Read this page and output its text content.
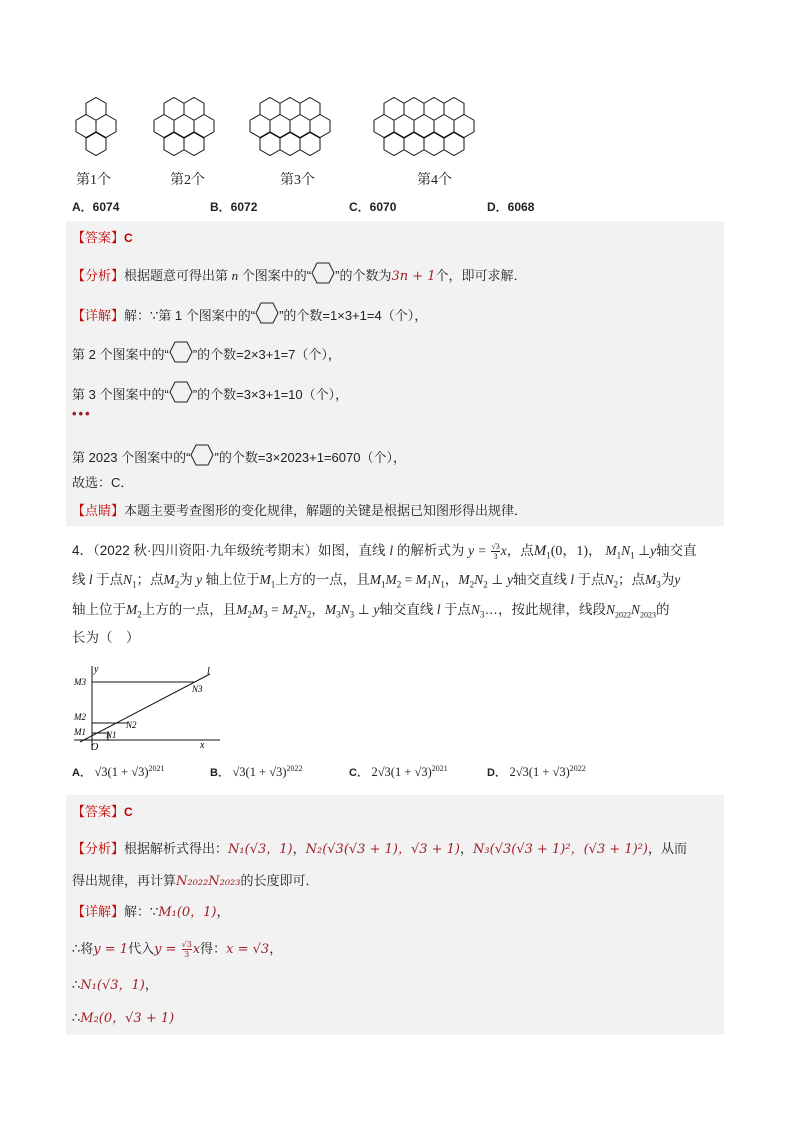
第1个	第2个	第3个	第4个
A．6074	B．6072	C．6070	D．6068
【答案】C
【分析】根据题意可得出第 n 个图案中的“ ”的个数为3n + 1个，即可求解．
【详解】解：∵第 1 个图案中的“ ”的个数=1×3+1=4（个），
第 2 个图案中的“ ”的个数=2×3+1=7（个），
第 3 个图案中的“ ”的个数=3×3+1=10（个），
•••
第 2023 个图案中的“ ”的个数=3×2023+1=6070（个），
故选：C．
【点睛】本题主要考查图形的变化规律，解题的关键是根据已知图形得出规律．
4．（2022 秋·四川资阳·九年级统考期末）如图，直线 l 的解析式为 $y = \frac{√3}{3}$ x，点$M_1(0$，1)， $M_1N_1$ ⊥y轴交直
线 l 于点$N_1$；点$M_2$为 y 轴上位于$M_1$上方的一点，且$M_1M_2 = M_1N_1$，$M_2N_2$ ⊥ y轴交直线 l 于点$N_2$；点$M_3$为y
轴上位于$M_2$上方的一点，且$M_2M_3 = M_2N_2$，$M_3N_3$ ⊥ y轴交直线 l 于点$N_3\dots$，按此规律，线段$N_{2022}N_{2023}$的
长为（　）
y
x
O
l
M3
M2
M1 N1
N2
N3
A． $√3(1 + √3)^{2021}$	B． $√3(1 + √3)^{2022}$	C． $2√3(1 + √3)^{2021}$	D． $2√3(1 + √3)^{2022}$
【答案】C
【分析】根据解析式得出：N₁(√3，1)，N₂(√3(√3 + 1)，√3 + 1)，N₃(√3(√3 + 1)²，(√3 + 1)²)，从而
得出规律，再计算N₂₀₂₂N₂₀₂₃的长度即可．
【详解】解：∵M₁(0，1)，
∴将y = 1代入$y = \frac{√3}{3}$ x得：x = √3，
∴N₁(√3，1)，
∴M₂(0，√3 + 1)
